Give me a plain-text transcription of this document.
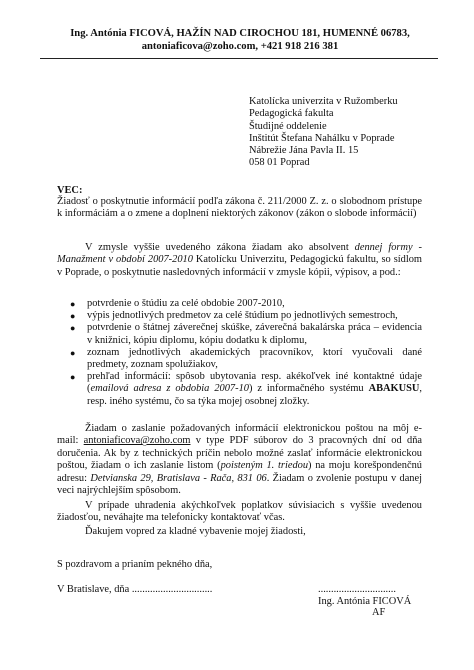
Ing. Antónia FICOVÁ, HAŽÍN NAD CIROCHOU 181, HUMENNÉ 06783,
antoniaficova@zoho.com, +421 918 216 381
Katolícka univerzita v Ružomberku
Pedagogická fakulta
Študijné oddelenie
Inštitút Štefana Nahálku v Poprade
Nábrežie Jána Pavla II. 15
058 01 Poprad
VEC:
Žiadosť o poskytnutie informácií podľa zákona č. 211/2000 Z. z. o slobodnom prístupe k informáciám a o zmene a doplnení niektorých zákonov (zákon o slobode informácií)
V zmysle vyššie uvedeného zákona žiadam ako absolvent dennej formy -Manažment v období 2007-2010 Katolícku Univerzitu, Pedagogickú fakultu, so sídlom v Poprade, o poskytnutie nasledovných informácií v zmysle kópii, výpisov, a pod.:
● potvrdenie o štúdiu za celé obdobie 2007-2010,
● výpis jednotlivých predmetov za celé štúdium po jednotlivých semestroch,
● potvrdenie o štátnej záverečnej skúške, záverečná bakalárska práca – evidencia v knižnici, kópiu diplomu, kópiu dodatku k diplomu,
● zoznam jednotlivých akademických pracovníkov, ktorí vyučovali dané predmety, zoznam spolužiakov,
● prehľad informácií: spôsob ubytovania resp. akékoľvek iné kontaktné údaje (emailová adresa z obdobia 2007-10) z informačného systému ABAKUSU, resp. iného systému, čo sa týka mojej osobnej zložky.
Žiadam o zaslanie požadovaných informácií elektronickou poštou na môj e-mail: antoniaficova@zoho.com v type PDF súborov do 3 pracovných dní od dňa doručenia. Ak by z technických príčin nebolo možné zaslať informácie elektronickou poštou, žiadam o ich zaslanie listom (poisteným 1. triedou) na moju korešpondenčnú adresu: Detvianska 29, Bratislava - Rača, 831 06. Žiadam o zvolenie postupu v danej veci najrýchlejším spôsobom.
V prípade uhradenia akýchkoľvek poplatkov súvisiacich s vyššie uvedenou žiadosťou, neváhajte ma telefonicky kontaktovať včas.
Ďakujem vopred za kladné vybavenie mojej žiadosti,
S pozdravom a prianím pekného dňa,
V Bratislave, dňa ...............................	..............................
Ing. Antónia FICOVÁ
AF
